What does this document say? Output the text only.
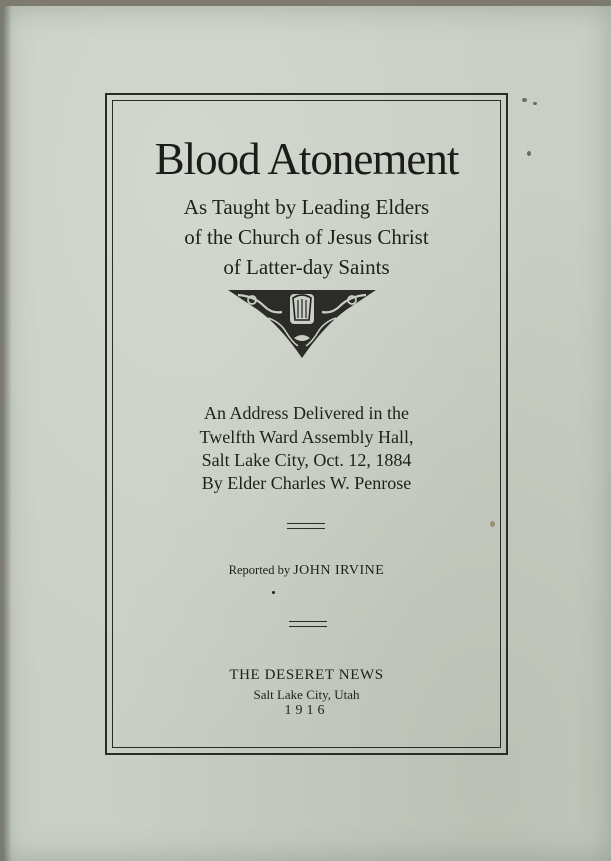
Blood Atonement
As Taught by Leading Elders
of the Church of Jesus Christ
of Latter-day Saints
An Address Delivered in the
Twelfth Ward Assembly Hall,
Salt Lake City, Oct. 12, 1884
By Elder Charles W. Penrose
Reported by JOHN IRVINE
THE DESERET NEWS
Salt Lake City, Utah
1916
